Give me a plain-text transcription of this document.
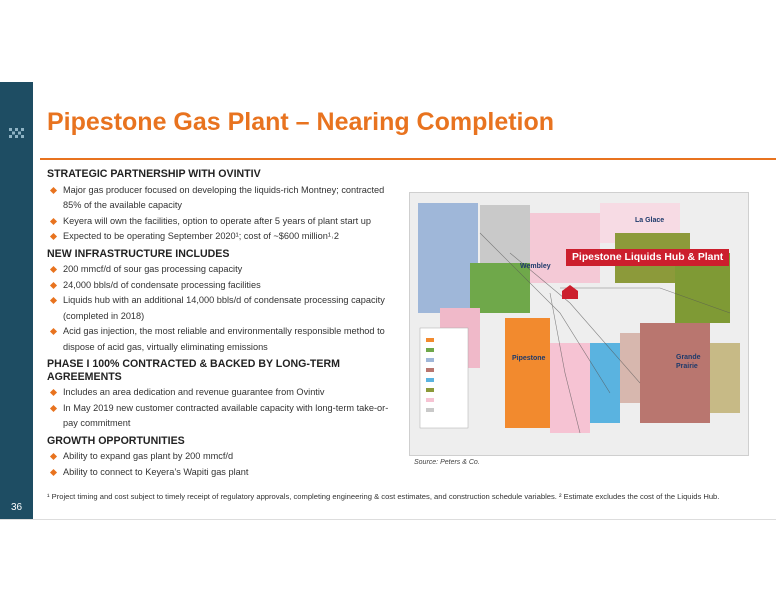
36
Pipestone Gas Plant – Nearing Completion
STRATEGIC PARTNERSHIP WITH OVINTIV
Major gas producer focused on developing the liquids-rich Montney; contracted 85% of the available capacity
Keyera will own the facilities, option to operate after 5 years of plant start up
Expected to be operating September 2020¹; cost of ~$600 million¹˒2
NEW INFRASTRUCTURE INCLUDES
200 mmcf/d of sour gas processing capacity
24,000 bbls/d of condensate processing facilities
Liquids hub with an additional 14,000 bbls/d of condensate processing capacity (completed in 2018)
Acid gas injection, the most reliable and environmentally responsible method to dispose of acid gas, virtually eliminating emissions
PHASE I 100% CONTRACTED & BACKED BY LONG-TERM AGREEMENTS
Includes an area dedication and revenue guarantee from Ovintiv
In May 2019 new customer contracted available capacity with long-term take-or-pay commitment
GROWTH OPPORTUNITIES
Ability to expand gas plant by 200 mmcf/d
Ability to connect to Keyera’s Wapiti gas plant
La Glace
Wembley
Pipestone	Grande Prairie
Pipestone Liquids Hub & Plant
Source: Peters & Co.
¹ Project timing and cost subject to timely receipt of regulatory approvals, completing engineering & cost estimates, and construction schedule variables. ² Estimate excludes the cost of the Liquids Hub.
